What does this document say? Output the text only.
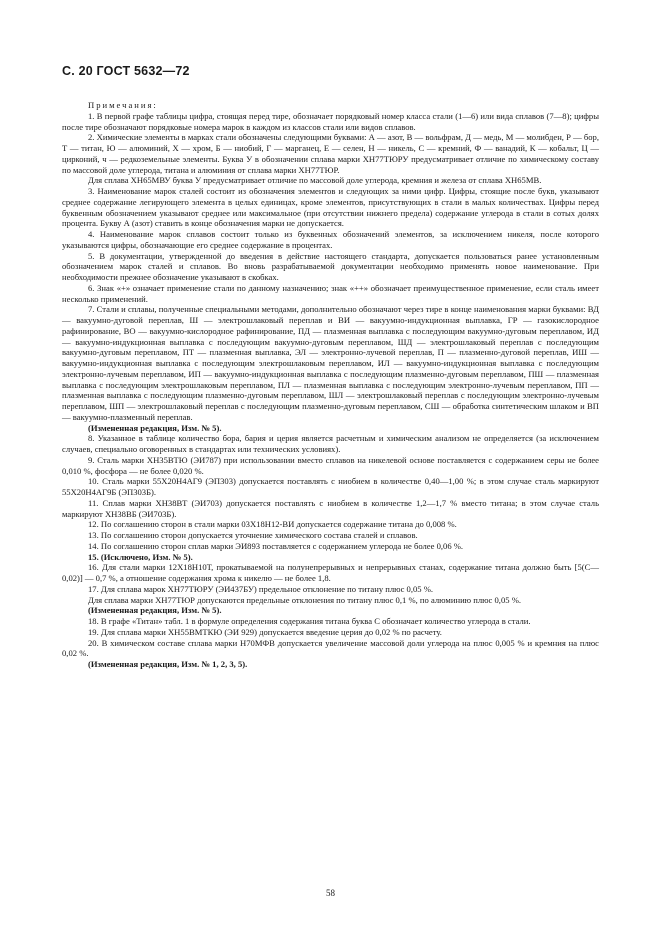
С. 20 ГОСТ 5632—72

Примечания:

1. В первой графе таблицы цифра, стоящая перед тире, обозначает порядковый номер класса стали (1—6) или вида сплавов (7—8); цифры после тире обозначают порядковые номера марок в каждом из классов стали или видов сплавов.

2. Химические элементы в марках стали обозначены следующими буквами: А — азот, В — вольфрам, Д — медь, М — молибден, Р — бор, Т — титан, Ю — алюминий, Х — хром, Б — ниобий, Г — марганец, Е — селен, Н — никель, С — кремний, Ф — ванадий, К — кобальт, Ц — цирконий, ч — редкоземельные элементы. Буква У в обозначении сплава марки ХН77ТЮРУ предусматривает отличие по химическому составу по массовой доле углерода, титана и алюминия от сплава марки ХН77ТЮР.

Для сплава ХН65МВУ буква У предусматривает отличие по массовой доле углерода, кремния и железа от сплава ХН65МВ.

3. Наименование марок сталей состоит из обозначения элементов и следующих за ними цифр. Цифры, стоящие после букв, указывают среднее содержание легирующего элемента в целых единицах, кроме элементов, присутствующих в стали в малых количествах. Цифры перед буквенным обозначением указывают среднее или максимальное (при отсутствии нижнего предела) содержание углерода в стали в сотых долях процента. Букву А (азот) ставить в конце обозначения марки не допускается.

4. Наименование марок сплавов состоит только из буквенных обозначений элементов, за исключением никеля, после которого указываются цифры, обозначающие его среднее содержание в процентах.

5. В документации, утвержденной до введения в действие настоящего стандарта, допускается пользоваться ранее установленным обозначением марок сталей и сплавов. Во вновь разрабатываемой документации необходимо применять новое наименование. При необходимости прежнее обозначение указывают в скобках.

6. Знак «+» означает применение стали по данному назначению; знак «++» обозначает преимущественное применение, если сталь имеет несколько применений.

7. Стали и сплавы, полученные специальными методами, дополнительно обозначают через тире в конце наименования марки буквами: ВД — вакуумно-дуговой переплав, Ш — электрошлаковый переплав и ВИ — вакуумно-индукционная выплавка, ГР — газокислородное рафинирование, ВО — вакуумно-кислородное рафинирование, ПД — плазменная выплавка с последующим вакуумно-дуговым переплавом, ИД — вакуумно-индукционная выплавка с последующим вакуумно-дуговым переплавом, ШД — электрошлаковый переплав с последующим вакуумно-дуговым переплавом, ПТ — плазменная выплавка, ЭЛ — электронно-лучевой переплав, П — плазменно-дуговой переплав, ИШ — вакуумно-индукционная выплавка с последующим электрошлаковым переплавом, ИЛ — вакуумно-индукционная выплавка с последующим электронно-лучевым переплавом, ИП — вакуумно-индукционная выплавка с последующим плазменно-дуговым переплавом, ПШ — плазменная выплавка с последующим электрошлаковым переплавом, ПЛ — плазменная выплавка с последующим электронно-лучевым переплавом, ПП — плазменная выплавка с последующим плазменно-дуговым переплавом, ШЛ — электрошлаковый переплав с последующим электронно-лучевым переплавом, ШП — электрошлаковый переплав с последующим плазменно-дуговым переплавом, СШ — обработка синтетическим шлаком и ВП — вакуумно-плазменный переплав.

(Измененная редакция, Изм. № 5).

8. Указанное в таблице количество бора, бария и церия является расчетным и химическим анализом не определяется (за исключением случаев, специально оговоренных в стандартах или технических условиях).

9. Сталь марки ХН35ВТЮ (ЭИ787) при использовании вместо сплавов на никелевой основе поставляется с содержанием серы не более 0,010 %, фосфора — не более 0,020 %.

10. Сталь марки 55Х20Н4АГ9 (ЭП303) допускается поставлять с ниобием в количестве 0,40—1,00 %; в этом случае сталь маркируют 55Х20Н4АГ9Б (ЭП303Б).

11. Сплав марки ХН38ВТ (ЭИ703) допускается поставлять с ниобием в количестве 1,2—1,7 % вместо титана; в этом случае сталь маркируют ХН38ВБ (ЭИ703Б).

12. По соглашению сторон в стали марки 03Х18Н12-ВИ допускается содержание титана до 0,008 %.

13. По соглашению сторон допускается уточнение химического состава сталей и сплавов.

14. По соглашению сторон сплав марки ЭИ893 поставляется с содержанием углерода не более 0,06 %.

15. (Исключено, Изм. № 5).

16. Для стали марки 12Х18Н10Т, прокатываемой на полунепрерывных и непрерывных станах, содержание титана должно быть [5(С—0,02)] — 0,7 %, а отношение содержания хрома к никелю — не более 1,8.

17. Для сплава марок ХН77ТЮРУ (ЭИ437БУ) предельное отклонение по титану плюс 0,05 %.

Для сплава марки ХН77ТЮР допускаются предельные отклонения по титану плюс 0,1 %, по алюминию плюс 0,05 %.

(Измененная редакция, Изм. № 5).

18. В графе «Титан» табл. 1 в формуле определения содержания титана буква С обозначает количество углерода в стали.

19. Для сплава марки ХН55ВМТКЮ (ЭИ 929) допускается введение церия до 0,02 % по расчету.

20. В химическом составе сплава марки Н70МФВ допускается увеличение массовой доли углерода на плюс 0,005 % и кремния на плюс 0,02 %.

(Измененная редакция, Изм. № 1, 2, 3, 5).

58
